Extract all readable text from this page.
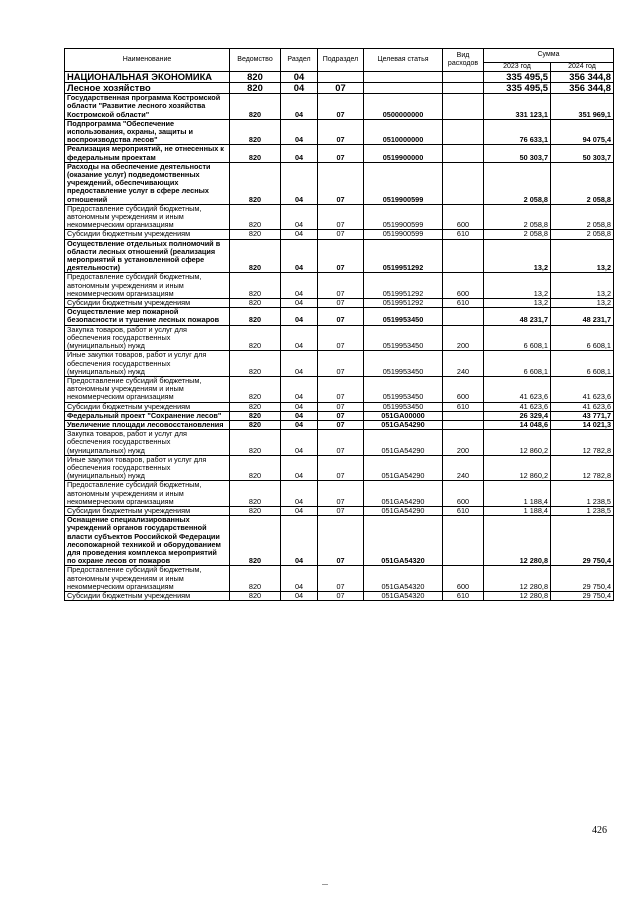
Наименование	Ведомство	Раздел	Подраздел	Целевая статья	Вид расходов	Сумма	
						2023 год	2024 год
НАЦИОНАЛЬНАЯ ЭКОНОМИКА	820	04				335 495,5	356 344,8
Лесное хозяйство	820	04	07			335 495,5	356 344,8
Государственная программа Костромской области "Развитие лесного хозяйства Костромской области"	820	04	07	0500000000		331 123,1	351 969,1
Подпрограмма "Обеспечение использования, охраны, защиты и воспроизводства лесов"	820	04	07	0510000000		76 633,1	94 075,4
Реализация мероприятий, не отнесенных к федеральным проектам	820	04	07	0519900000		50 303,7	50 303,7
Расходы на обеспечение деятельности (оказание услуг) подведомственных учреждений, обеспечивающих предоставление услуг в сфере лесных отношений	820	04	07	0519900599		2 058,8	2 058,8
Предоставление субсидий бюджетным, автономным учреждениям и иным некоммерческим организациям	820	04	07	0519900599	600	2 058,8	2 058,8
Субсидии бюджетным учреждениям	820	04	07	0519900599	610	2 058,8	2 058,8
Осуществление отдельных полномочий в области лесных отношений (реализация мероприятий в установленной сфере деятельности)	820	04	07	0519951292		13,2	13,2
Предоставление субсидий бюджетным, автономным учреждениям и иным некоммерческим организациям	820	04	07	0519951292	600	13,2	13,2
Субсидии бюджетным учреждениям	820	04	07	0519951292	610	13,2	13,2
Осуществление мер пожарной безопасности и тушение лесных пожаров	820	04	07	0519953450		48 231,7	48 231,7
Закупка товаров, работ и услуг для обеспечения государственных (муниципальных) нужд	820	04	07	0519953450	200	6 608,1	6 608,1
Иные закупки товаров, работ и услуг для обеспечения государственных (муниципальных) нужд	820	04	07	0519953450	240	6 608,1	6 608,1
Предоставление субсидий бюджетным, автономным учреждениям и иным некоммерческим организациям	820	04	07	0519953450	600	41 623,6	41 623,6
Субсидии бюджетным учреждениям	820	04	07	0519953450	610	41 623,6	41 623,6
Федеральный проект "Сохранение лесов"	820	04	07	051GA00000		26 329,4	43 771,7
Увеличение площади лесовосстановления	820	04	07	051GA54290		14 048,6	14 021,3
Закупка товаров, работ и услуг для обеспечения государственных (муниципальных) нужд	820	04	07	051GA54290	200	12 860,2	12 782,8
Иные закупки товаров, работ и услуг для обеспечения государственных (муниципальных) нужд	820	04	07	051GA54290	240	12 860,2	12 782,8
Предоставление субсидий бюджетным, автономным учреждениям и иным некоммерческим организациям	820	04	07	051GA54290	600	1 188,4	1 238,5
Субсидии бюджетным учреждениям	820	04	07	051GA54290	610	1 188,4	1 238,5
Оснащение специализированных учреждений органов государственной власти субъектов Российской Федерации лесопожарной техникой и оборудованием для проведения комплекса мероприятий по охране лесов от пожаров	820	04	07	051GA54320		12 280,8	29 750,4
Предоставление субсидий бюджетным, автономным учреждениям и иным некоммерческим организациям	820	04	07	051GA54320	600	12 280,8	29 750,4
Субсидии бюджетным учреждениям	820	04	07	051GA54320	610	12 280,8	29 750,4
426
